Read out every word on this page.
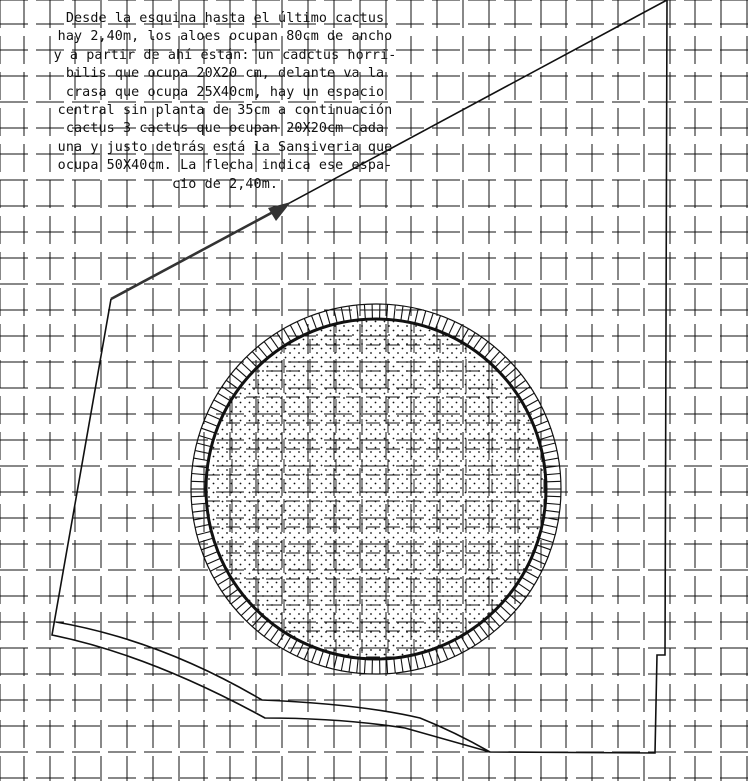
Desde la esquina hasta el último cactus
hay 2,40m, los aloes ocupan 80cm de ancho
y a partir de ahí están: un cadctus horri-
bilis que ocupa 20X20 cm, delante va la
crasa que ocupa 25X40cm, hay un espacio
central sin planta de 35cm a continuación
cactus 3 cactus que ocupan 20X20cm cada
una y justo detrás está la Sansiveria que
ocupa 50X40cm. La flecha indica ese espa-
cio de 2,40m.
